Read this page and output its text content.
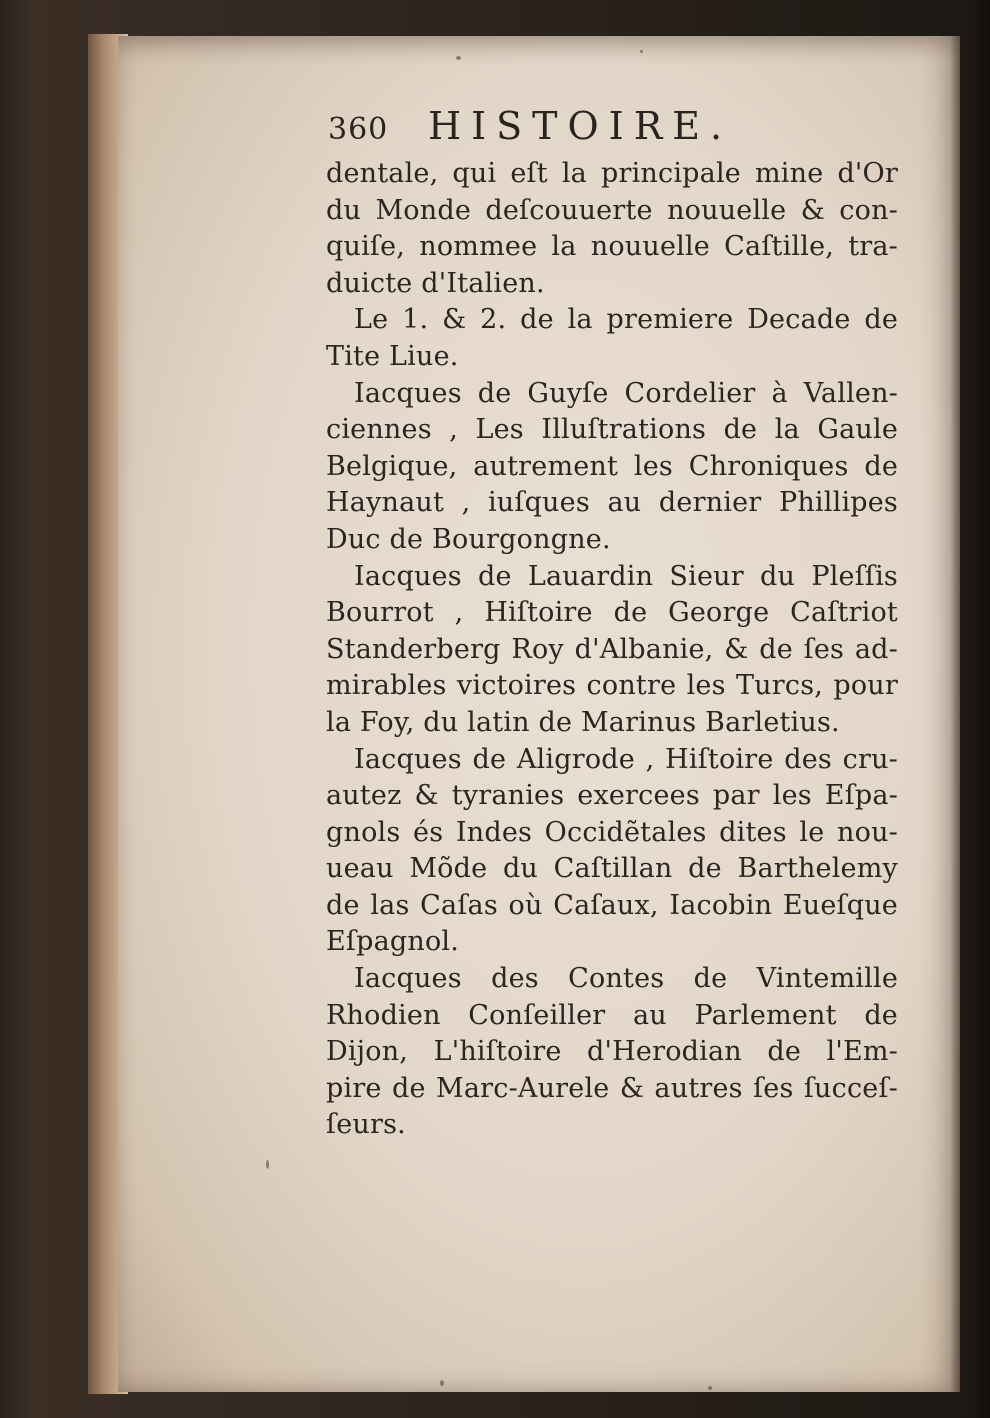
360 HISTOIRE.
dentale, qui eſt la principale mine d'Or
du Monde deſcouuerte nouuelle & con-
quiſe, nommee la nouuelle Caſtille, tra-
duicte d'Italien.
Le 1. & 2. de la premiere Decade de
Tite Liue.
Iacques de Guyſe Cordelier à Vallen-
ciennes , Les Illuſtrations de la Gaule
Belgique, autrement les Chroniques de
Haynaut , iuſques au dernier Phillipes
Duc de Bourgongne.
Iacques de Lauardin Sieur du Pleſſis
Bourrot , Hiſtoire de George Caſtriot
Standerberg Roy d'Albanie, & de ſes ad-
mirables victoires contre les Turcs, pour
la Foy, du latin de Marinus Barletius.
Iacques de Aligrode , Hiſtoire des cru-
autez & tyranies exercees par les Eſpa-
gnols és Indes Occidẽtales dites le nou-
ueau Mõde du Caſtillan de Barthelemy
de las Caſas où Caſaux, Iacobin Eueſque
Eſpagnol.
Iacques des Contes de Vintemille
Rhodien Conſeiller au Parlement de
Dijon, L'hiſtoire d'Herodian de l'Em-
pire de Marc-Aurele & autres ſes ſucceſ-
ſeurs.
